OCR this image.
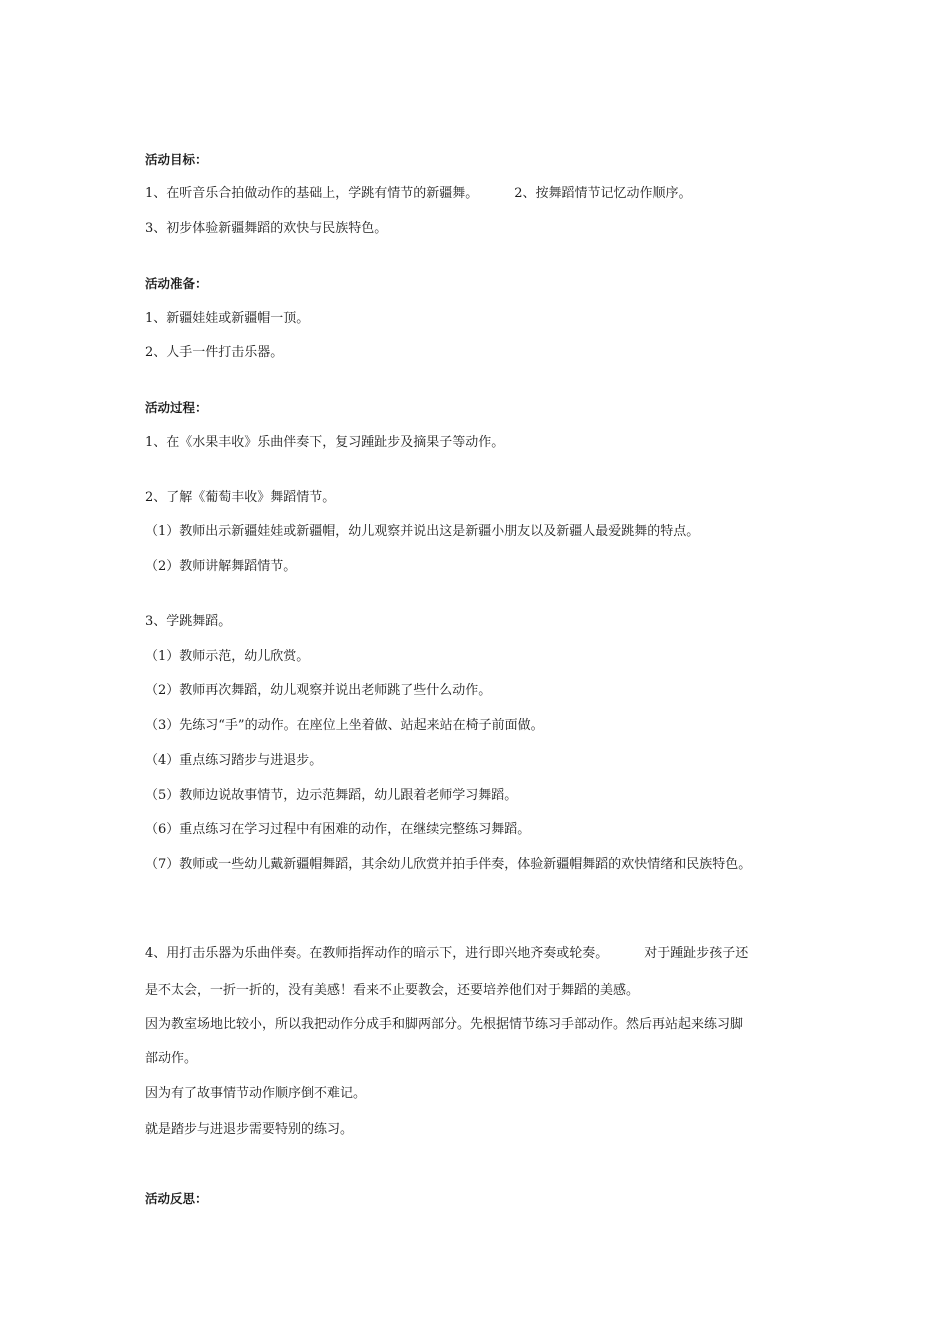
活动目标：
1、在听音乐合拍做动作的基础上，学跳有情节的新疆舞。	2、按舞蹈情节记忆动作顺序。
3、初步体验新疆舞蹈的欢快与民族特色。
活动准备：
1、新疆娃娃或新疆帽一顶。
2、人手一件打击乐器。
活动过程：
1、在《水果丰收》乐曲伴奏下，复习踵趾步及摘果子等动作。
2、了解《葡萄丰收》舞蹈情节。
（1）教师出示新疆娃娃或新疆帽，幼儿观察并说出这是新疆小朋友以及新疆人最爱跳舞的特点。
（2）教师讲解舞蹈情节。
3、学跳舞蹈。
（1）教师示范，幼儿欣赏。
（2）教师再次舞蹈，幼儿观察并说出老师跳了些什么动作。
（3）先练习“手”的动作。在座位上坐着做、站起来站在椅子前面做。
（4）重点练习踏步与进退步。
（5）教师边说故事情节，边示范舞蹈，幼儿跟着老师学习舞蹈。
（6）重点练习在学习过程中有困难的动作，在继续完整练习舞蹈。
（7）教师或一些幼儿戴新疆帽舞蹈，其余幼儿欣赏并拍手伴奏，体验新疆帽舞蹈的欢快情绪和民族特色。
4、用打击乐器为乐曲伴奏。在教师指挥动作的暗示下，进行即兴地齐奏或轮奏。	对于踵趾步孩子还
是不太会，一折一折的，没有美感！看来不止要教会，还要培养他们对于舞蹈的美感。
因为教室场地比较小，所以我把动作分成手和脚两部分。先根据情节练习手部动作。然后再站起来练习脚
部动作。
因为有了故事情节动作顺序倒不难记。
就是踏步与进退步需要特别的练习。
活动反思：
